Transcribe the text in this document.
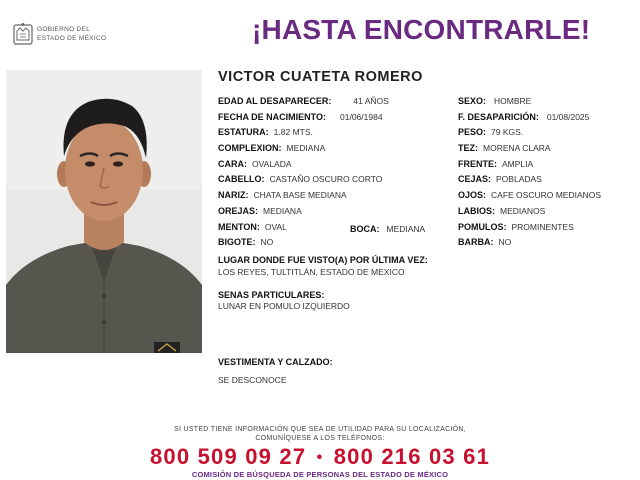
GOBIERNO DEL
ESTADO DE MÉXICO	¡HASTA ENCONTRARLE!
VICTOR CUATETA ROMERO
EDAD AL DESAPARECER:	41 AÑOS
FECHA DE NACIMIENTO: 01/06/1984
ESTATURA: 1.82 MTS.
COMPLEXION: MEDIANA
CARA: OVALADA
CABELLO: CASTAÑO OSCURO CORTO
NARIZ: CHATA BASE MEDIANA
OREJAS: MEDIANA
MENTON: OVAL	BOCA: MEDIANA
BIGOTE: NO
SEXO: HOMBRE
F. DESAPARICIÓN: 01/08/2025
PESO: 79 KGS.
TEZ: MORENA CLARA
FRENTE: AMPLIA
CEJAS: POBLADAS
OJOS: CAFE OSCURO MEDIANOS
LABIOS: MEDIANOS
POMULOS: PROMINENTES
BARBA: NO
LUGAR DONDE FUE VISTO(A) POR ÚLTIMA VEZ:
LOS REYES, TULTITLÁN, ESTADO DE MEXICO
SENAS PARTICULARES:
LUNAR EN POMULO IZQUIERDO
VESTIMENTA Y CALZADO:
SE DESCONOCE
SI USTED TIENE INFORMACIÓN QUE SEA DE UTILIDAD PARA SU LOCALIZACIÓN,
COMUNÍQUESE A LOS TELÉFONOS:
800 509 09 27 • 800 216 03 61
COMISIÓN DE BÚSQUEDA DE PERSONAS DEL ESTADO DE MÉXICO
